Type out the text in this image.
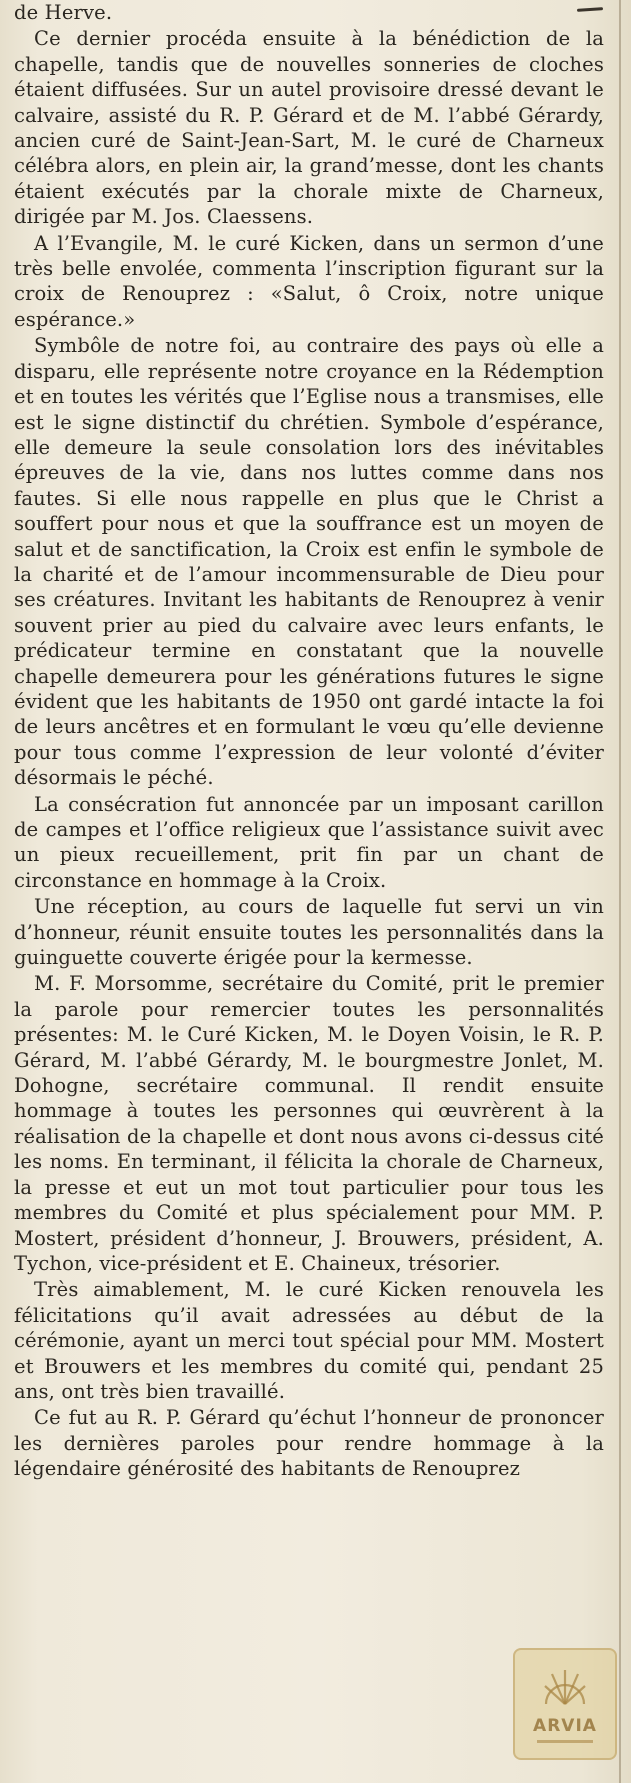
de Herve.

Ce dernier procéda ensuite à la bénédiction de la chapelle, tandis que de nouvelles sonneries de cloches étaient diffusées. Sur un autel provisoire dressé devant le calvaire, assisté du R. P. Gérard et de M. l’abbé Gérardy, ancien curé de Saint-Jean-Sart, M. le curé de Charneux célébra alors, en plein air, la grand’messe, dont les chants étaient exécutés par la chorale mixte de Charneux, dirigée par M. Jos. Claessens.

A l’Evangile, M. le curé Kicken, dans un sermon d’une très belle envolée, commenta l’inscription figurant sur la croix de Renouprez : «Salut, ô Croix, notre unique espérance.»

Symbôle de notre foi, au contraire des pays où elle a disparu, elle représente notre croyance en la Rédemption et en toutes les vérités que l’Eglise nous a transmises, elle est le signe distinctif du chrétien. Symbole d’espérance, elle demeure la seule consolation lors des inévitables épreuves de la vie, dans nos luttes comme dans nos fautes. Si elle nous rappelle en plus que le Christ a souffert pour nous et que la souffrance est un moyen de salut et de sanctification, la Croix est enfin le symbole de la charité et de l’amour incommensurable de Dieu pour ses créatures. Invitant les habitants de Renouprez à venir souvent prier au pied du calvaire avec leurs enfants, le prédicateur termine en constatant que la nouvelle chapelle demeurera pour les générations futures le signe évident que les habitants de 1950 ont gardé intacte la foi de leurs ancêtres et en formulant le vœu qu’elle devienne pour tous comme l’expression de leur volonté d’éviter désormais le péché.

La consécration fut annoncée par un imposant carillon de campes et l’office religieux que l’assistance suivit avec un pieux recueillement, prit fin par un chant de circonstance en hommage à la Croix.

Une réception, au cours de laquelle fut servi un vin d’honneur, réunit ensuite toutes les personnalités dans la guinguette couverte érigée pour la kermesse.

M. F. Morsomme, secrétaire du Comité, prit le premier la parole pour remercier toutes les personnalités présentes: M. le Curé Kicken, M. le Doyen Voisin, le R. P. Gérard, M. l’abbé Gérardy, M. le bourgmestre Jonlet, M. Dohogne, secrétaire communal. Il rendit ensuite hommage à toutes les personnes qui œuvrèrent à la réalisation de la chapelle et dont nous avons ci-dessus cité les noms. En terminant, il félicita la chorale de Charneux, la presse et eut un mot tout particulier pour tous les membres du Comité et plus spécialement pour MM. P. Mostert, président d’honneur, J. Brouwers, président, A. Tychon, vice-président et E. Chaineux, trésorier.

Très aimablement, M. le curé Kicken renouvela les félicitations qu’il avait adressées au début de la cérémonie, ayant un merci tout spécial pour MM. Mostert et Brouwers et les membres du comité qui, pendant 25 ans, ont très bien travaillé.

Ce fut au R. P. Gérard qu’échut l’honneur de prononcer les dernières paroles pour rendre hommage à la légendaire générosité des habitants de Renouprez

ARVIA
